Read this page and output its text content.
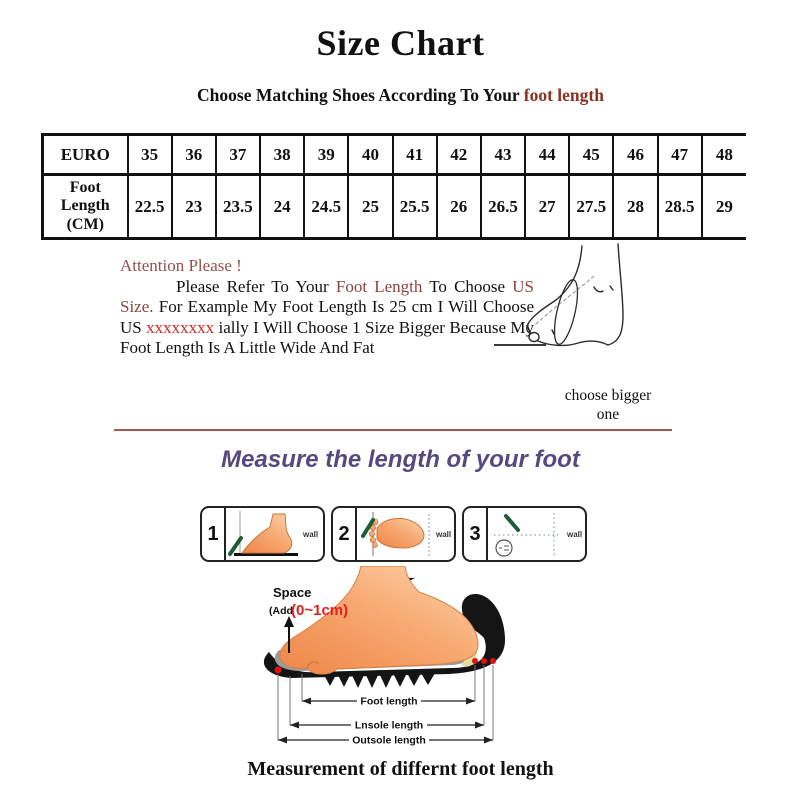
Size Chart
Choose Matching Shoes According To Your foot length
EURO	35	36	37	38	39	40	41	42	43	44	45	46	47	48
Foot Length (CM)	22.5	23	23.5	24	24.5	25	25.5	26	26.5	27	27.5	28	28.5	29
Attention Please !

Please Refer To Your Foot Length To Choose US Size. For Example My Foot Length Is 25 cm I Will Choose US xxxxxxxx ially I Will Choose 1 Size Bigger Because My Foot Length Is A Little Wide And Fat

choose bigger one
Measure the length of your foot
1	wall 2	wall 3	wall
Space
(Add
(0~1cm)
Foot length
Lnsole length
Outsole length
Measurement of differnt foot length
